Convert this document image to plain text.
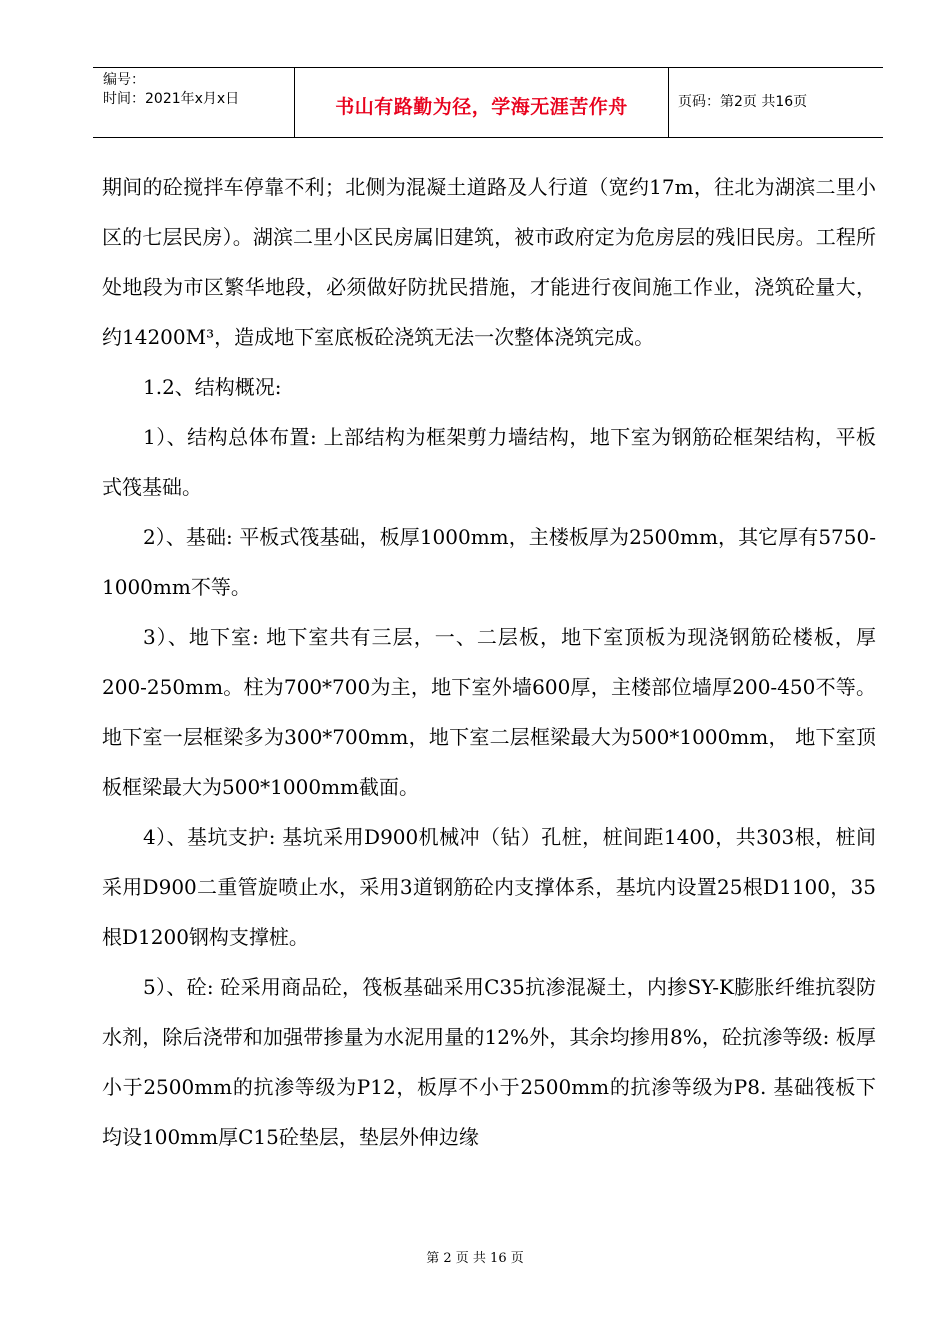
编号：
时间：2021年x月x日	书山有路勤为径，学海无涯苦作舟	页码：第2页 共16页

期间的砼搅拌车停靠不利；北侧为混凝土道路及人行道（宽约17m，往北为湖滨二里小区的七层民房）。湖滨二里小区民房属旧建筑，被市政府定为危房层的残旧民房。工程所处地段为市区繁华地段，必须做好防扰民措施，才能进行夜间施工作业，浇筑砼量大，约14200M³，造成地下室底板砼浇筑无法一次整体浇筑完成。

1.2、结构概况:

1）、结构总体布置: 上部结构为框架剪力墙结构，地下室为钢筋砼框架结构，平板式筏基础。

2）、基础: 平板式筏基础，板厚1000mm，主楼板厚为2500mm，其它厚有5750-1000mm不等。

3）、地下室: 地下室共有三层，一、二层板，地下室顶板为现浇钢筋砼楼板，厚200-250mm。柱为700*700为主，地下室外墙600厚，主楼部位墙厚200-450不等。地下室一层框梁多为300*700mm，地下室二层框梁最大为500*1000mm， 地下室顶板框梁最大为500*1000mm截面。

4）、基坑支护: 基坑采用D900机械冲（钻）孔桩，桩间距1400，共303根，桩间采用D900二重管旋喷止水，采用3道钢筋砼内支撑体系，基坑内设置25根D1100，35根D1200钢构支撑桩。

5）、砼: 砼采用商品砼，筏板基础采用C35抗渗混凝土，内掺SY-K膨胀纤维抗裂防水剂，除后浇带和加强带掺量为水泥用量的12%外，其余均掺用8%，砼抗渗等级: 板厚小于2500mm的抗渗等级为P12，板厚不小于2500mm的抗渗等级为P8. 基础筏板下均设100mm厚C15砼垫层，垫层外伸边缘

第 2 页 共 16 页
